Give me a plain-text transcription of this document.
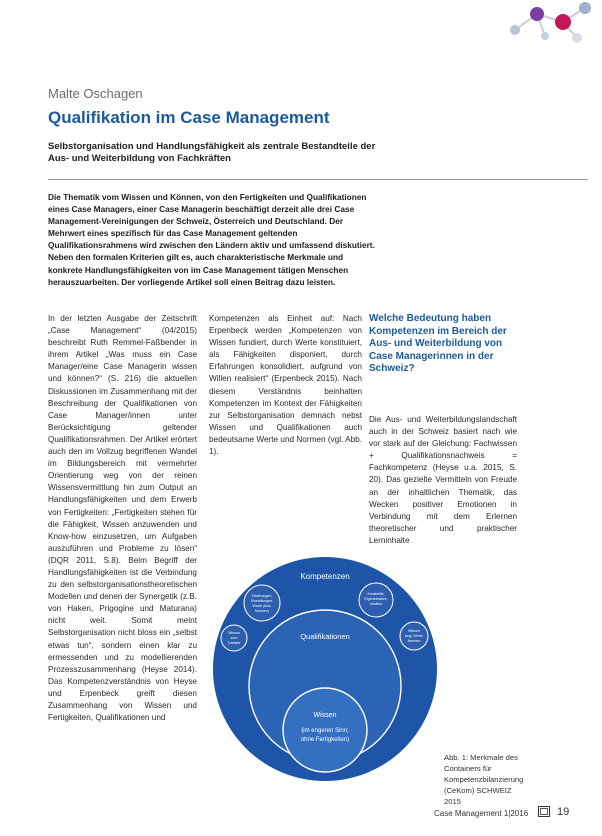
Malte Oschagen
Qualifikation im Case Management
Selbstorganisation und Handlungsfähigkeit als zentrale Bestandteile der Aus- und Weiterbildung von Fachkräften
Die Thematik vom Wissen und Können, von den Fertigkeiten und Qualifikationen eines Case Managers, einer Case Managerin beschäftigt derzeit alle drei Case Management-Vereinigungen der Schweiz, Österreich und Deutschland. Der Mehrwert eines spezifisch für das Case Management geltenden Qualifikationsrahmens wird zwischen den Ländern aktiv und umfassend diskutiert. Neben den formalen Kriterien gilt es, auch charakteristische Merkmale und konkrete Handlungsfähigkeiten von im Case Management tätigen Menschen herauszuarbeiten. Der vorliegende Artikel soll einen Beitrag dazu leisten.
In der letzten Ausgabe der Zeitschrift „Case Management“ (04/2015) beschreibt Ruth Remmel-Faßbender in ihrem Artikel „Was muss ein Case Manager/eine Case Managerin wissen und können?“ (S. 216) die aktuellen Diskussionen im Zusammenhang mit der Beschreibung der Qualifikationen von Case Manager/innen unter Berücksichtigung geltender Qualifikationsrahmen. Der Artikel erörtert auch den im Vollzug begriffenen Wandel im Bildungsbereich mit vermehrter Orientierung weg von der reinen Wissensvermittlung hin zum Output an Handlungsfähigkeiten und dem Erwerb von Fertigkeiten: „Fertigkeiten stehen für die Fähigkeit, Wissen anzuwenden und Know-how einzusetzen, um Aufgaben auszuführen und Probleme zu lösen“ (DQR 2011, S.8). Beim Begriff der Handlungsfähigkeiten ist die Verbindung zu den selbstorganisationstheoretischen Modellen und denen der Synergetik (z.B. von Haken, Prigogine und Maturana) nicht weit. Somit meint Selbstorganisation nicht bloss ein „selbst etwas tun“, sondern einen klar zu ermessenden und zu modellierenden Prozesszusammenhang (Heyse 2014). Das Kompetenzverständnis von Heyse und Erpenbeck greift diesen Zusammenhang von Wissen und Fertigkeiten, Qualifikationen und
Kompetenzen als Einheit auf: Nach Erpenbeck werden „Kompetenzen von Wissen fundiert, durch Werte konstituiert, als Fähigkeiten disponiert, durch Erfahrungen konsolidiert, aufgrund von Willen realisiert“ (Erpenbeck 2015). Nach diesem Verständnis beinhalten Kompetenzen im Kontext der Fähigkeiten zur Selbstorganisation demnach nebst Wissen und Qualifikationen auch bedeutsame Werte und Normen (vgl. Abb. 1).
Welche Bedeutung haben Kompetenzen im Bereich der Aus- und Weiterbildung von Case Managerinnen in der Schweiz?
Die Aus- und Weiterbildungslandschaft auch in der Schweiz basiert nach wie vor stark auf der Gleichung: Fachwissen + Qualifikationsnachweis = Fachkompetenz (Heyse u.a. 2015, S. 20). Das gezielte Vermitteln von Freude an der inhaltlichen Thematik, das Wecken positiver Emotionen in Verbindung mit dem Erlernen theoretischer und praktischer Lerninhalte
Kompetenzen
Qualifikationen
Wissen
(im engeren Sinn;
ohne Fertigkeiten)
Erfahrungen,
Einstellungen,
Werte (bzw.
Normen)
Kreativität,
Eigeninitiative,
Intuition
Wissen
zum
Transfer
Wissen
bzgl. Werte
Normen
Abb. 1: Merkmale des Containers für Kompetenzbilanzierung (CeKom) SCHWEIZ 2015
Case Management 1|2016	19
